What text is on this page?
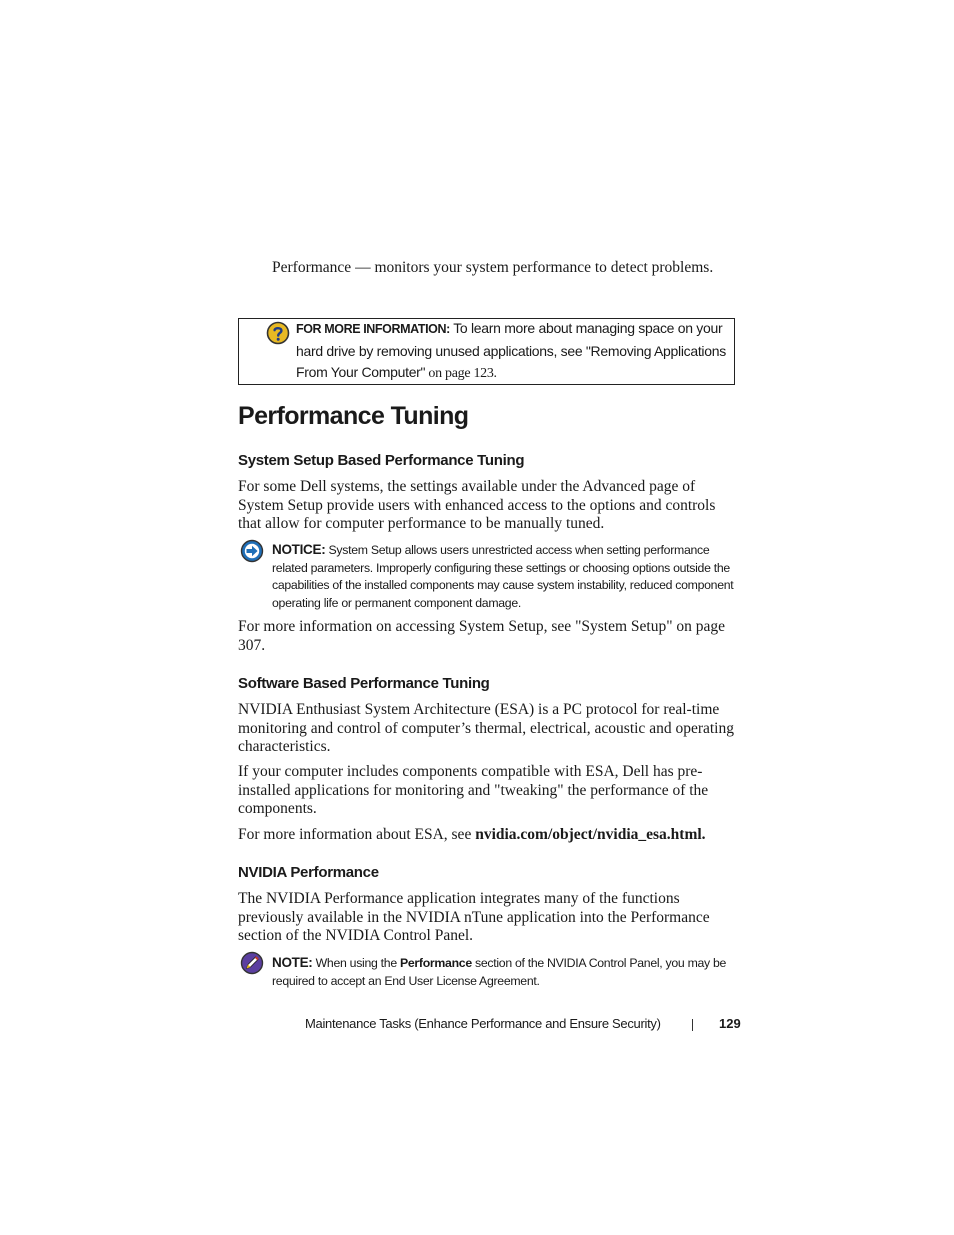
Performance — monitors your system performance to detect problems.

FOR MORE INFORMATION: To learn more about managing space on your hard drive by removing unused applications, see "Removing Applications From Your Computer" on page 123.
Performance Tuning
System Setup Based Performance Tuning

For some Dell systems, the settings available under the Advanced page of System Setup provide users with enhanced access to the options and controls that allow for computer performance to be manually tuned.

NOTICE: System Setup allows users unrestricted access when setting performance related parameters. Improperly configuring these settings or choosing options outside the capabilities of the installed components may cause system instability, reduced component operating life or permanent component damage.

For more information on accessing System Setup, see "System Setup" on page 307.

Software Based Performance Tuning

NVIDIA Enthusiast System Architecture (ESA) is a PC protocol for real-time monitoring and control of computer’s thermal, electrical, acoustic and operating characteristics.

If your computer includes components compatible with ESA, Dell has pre-installed applications for monitoring and "tweaking" the performance of the components.

For more information about ESA, see nvidia.com/object/nvidia_esa.html.

NVIDIA Performance

The NVIDIA Performance application integrates many of the functions previously available in the NVIDIA nTune application into the Performance section of the NVIDIA Control Panel.

NOTE: When using the Performance section of the NVIDIA Control Panel, you may be required to accept an End User License Agreement.
Maintenance Tasks (Enhance Performance and Ensure Security)	129
